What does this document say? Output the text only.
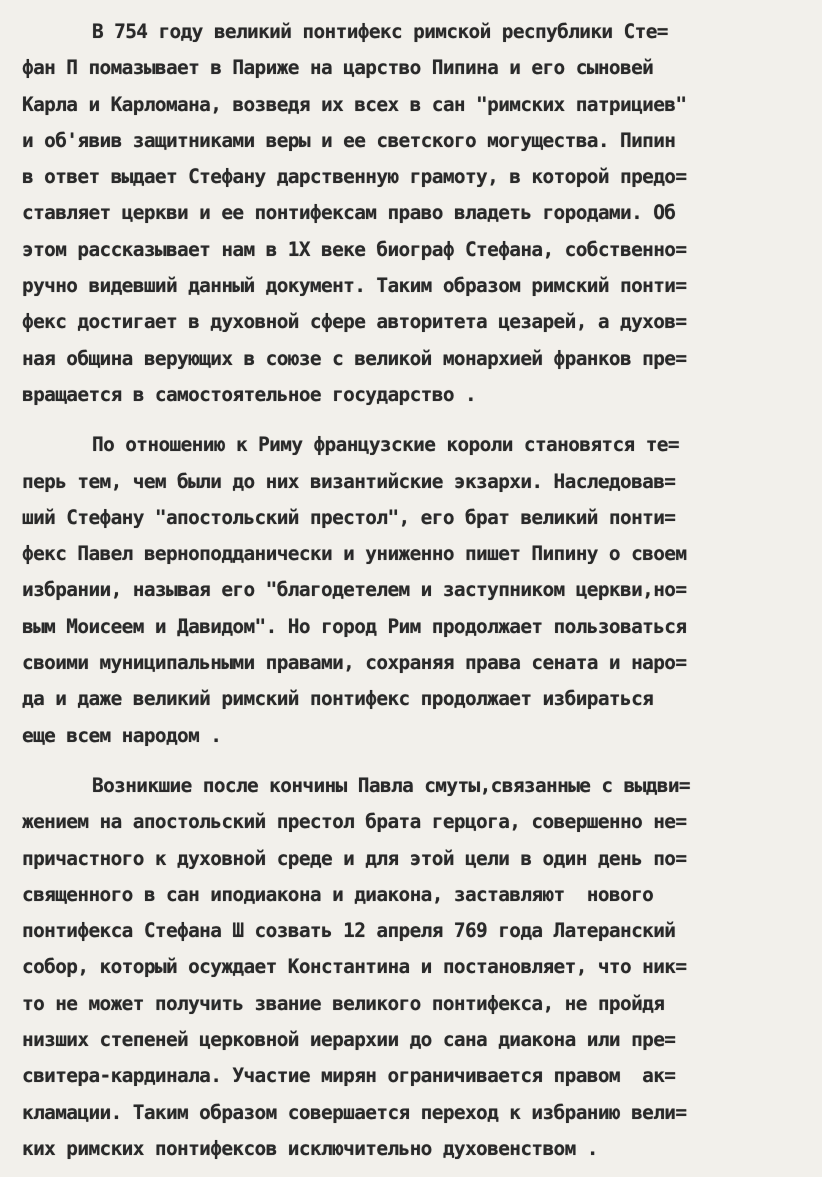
В 754 году великий понтифекс римской республики Сте=
фан П помазывает в Париже на царство Пипина и его сыновей
Карла и Карломана, возведя их всех в сан "римских патрициев"
и об'явив защитниками веры и ее светского могущества. Пипин
в ответ выдает Стефану дарственную грамоту, в которой предо=
ставляет церкви и ее понтифексам право владеть городами. Об
этом рассказывает нам в 1Х веке биограф Стефана, собственно=
ручно видевший данный документ. Таким образом римский понти=
фекс достигает в духовной сфере авторитета цезарей, а духов=
ная община верующих в союзе с великой монархией франков пре=
вращается в самостоятельное государство .
По отношению к Риму французские короли становятся те=
перь тем, чем были до них византийские экзархи. Наследовав=
ший Стефану "апостольский престол", его брат великий понти=
фекс Павел верноподданически и униженно пишет Пипину о своем
избрании, называя его "благодетелем и заступником церкви,но=
вым Моисеем и Давидом". Но город Рим продолжает пользоваться
своими муниципальными правами, сохраняя права сената и наро=
да и даже великий римский понтифекс продолжает избираться
еще всем народом .
Возникшие после кончины Павла смуты,связанные с выдви=
жением на апостольский престол брата герцога, совершенно не=
причастного к духовной среде и для этой цели в один день по=
священного в сан иподиакона и диакона, заставляют  нового
понтифекса Стефана Ш созвать 12 апреля 769 года Латеранский
собор, который осуждает Константина и постановляет, что ник=
то не может получить звание великого понтифекса, не пройдя
низших степеней церковной иерархии до сана диакона или пре=
свитера-кардинала. Участие мирян ограничивается правом  ак=
кламации. Таким образом совершается переход к избранию вели=
ких римских понтифексов исключительно духовенством .
